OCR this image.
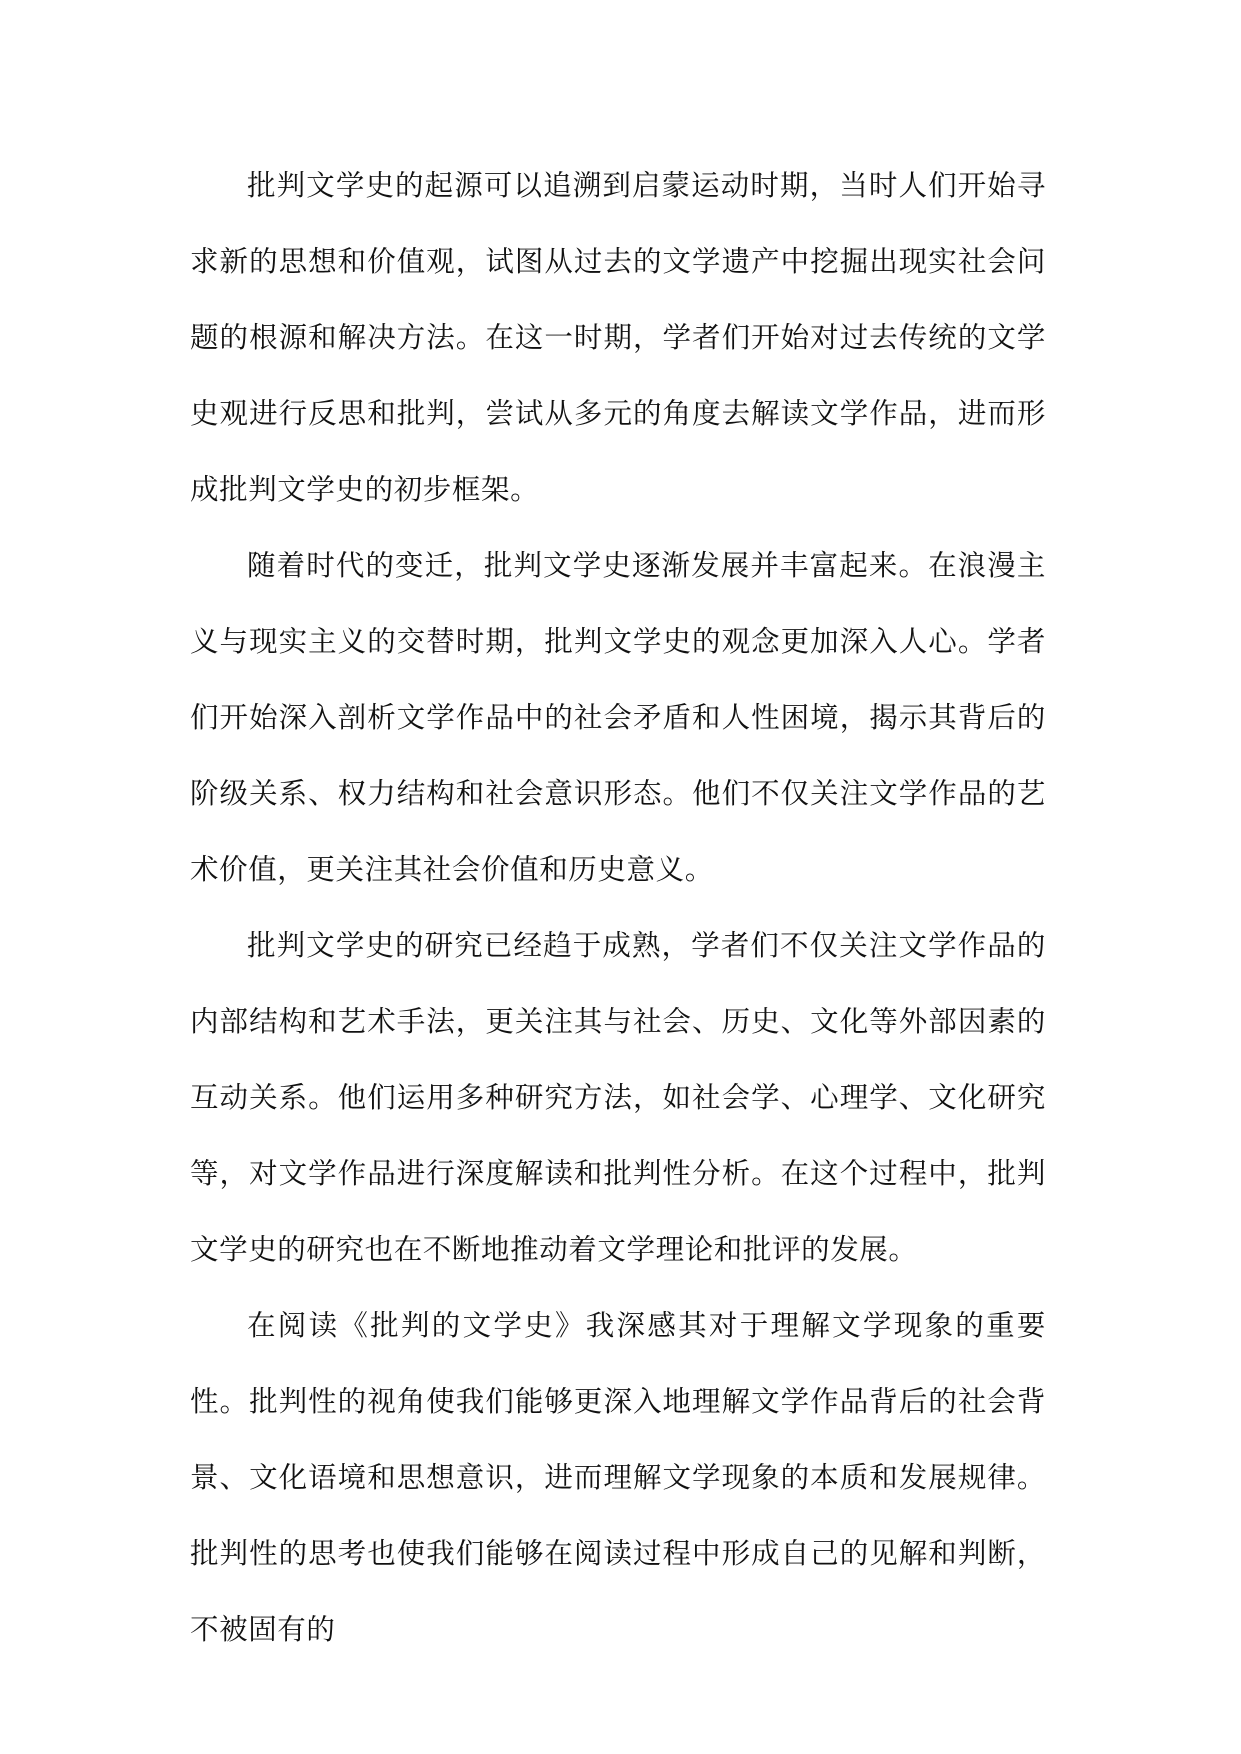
批判文学史的起源可以追溯到启蒙运动时期，当时人们开始寻求新的思想和价值观，试图从过去的文学遗产中挖掘出现实社会问题的根源和解决方法。在这一时期，学者们开始对过去传统的文学史观进行反思和批判，尝试从多元的角度去解读文学作品，进而形成批判文学史的初步框架。

随着时代的变迁，批判文学史逐渐发展并丰富起来。在浪漫主义与现实主义的交替时期，批判文学史的观念更加深入人心。学者们开始深入剖析文学作品中的社会矛盾和人性困境，揭示其背后的阶级关系、权力结构和社会意识形态。他们不仅关注文学作品的艺术价值，更关注其社会价值和历史意义。

批判文学史的研究已经趋于成熟，学者们不仅关注文学作品的内部结构和艺术手法，更关注其与社会、历史、文化等外部因素的互动关系。他们运用多种研究方法，如社会学、心理学、文化研究等，对文学作品进行深度解读和批判性分析。在这个过程中，批判文学史的研究也在不断地推动着文学理论和批评的发展。

在阅读《批判的文学史》我深感其对于理解文学现象的重要性。批判性的视角使我们能够更深入地理解文学作品背后的社会背景、文化语境和思想意识，进而理解文学现象的本质和发展规律。批判性的思考也使我们能够在阅读过程中形成自己的见解和判断，不被固有的
